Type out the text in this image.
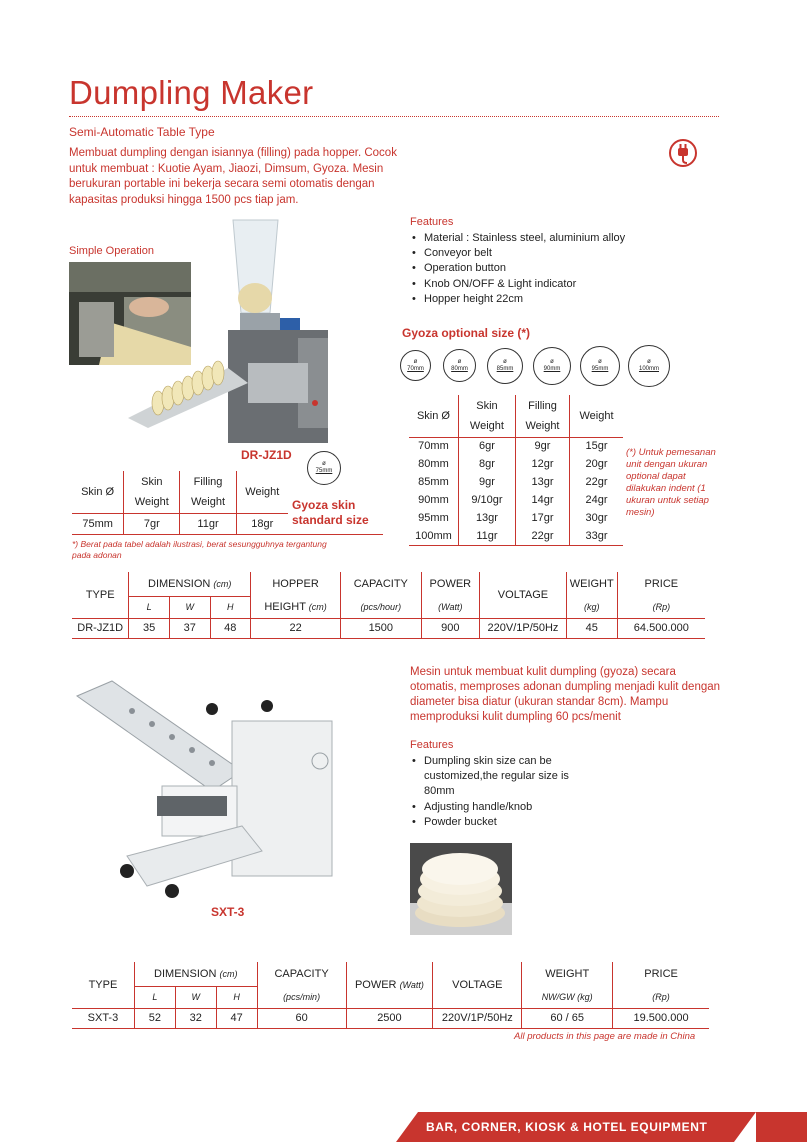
Dumpling Maker
Semi-Automatic Table Type
Membuat dumpling dengan isiannya (filling) pada hopper. Cocok untuk membuat : Kuotie Ayam, Jiaozi, Dimsum, Gyoza. Mesin berukuran portable ini bekerja secara semi otomatis dengan kapasitas produksi hingga 1500 pcs tiap jam.
Simple Operation
DR-JZ1D
Features
• Material : Stainless steel, aluminium alloy
• Conveyor belt
• Operation button
• Knob ON/OFF & Light indicator
• Hopper height 22cm
Gyoza optional size (*)
ø
70mm
ø
80mm
ø
85mm
ø
90mm
ø
95mm
ø
100mm
Skin Ø	Skin Weight	Filling Weight	Weight
70mm	6gr	9gr	15gr
80mm	8gr	12gr	20gr
85mm	9gr	13gr	22gr
90mm	9/10gr	14gr	24gr
95mm	13gr	17gr	30gr
100mm	11gr	22gr	33gr
(*) Untuk pemesanan unit dengan ukuran optional dapat dilakukan indent (1 ukuran untuk setiap mesin)
ø
75mm
Skin Ø	Skin Weight	Filling Weight	Weight
75mm	7gr	11gr	18gr
Gyoza skin standard size
*) Berat pada tabel adalah ilustrasi, berat sesungguhnya tergantung pada adonan
TYPE	DIMENSION (cm)			HOPPER	CAPACITY	POWER	VOLTAGE	WEIGHT	PRICE
	L	W	H	HEIGHT (cm)	(pcs/hour)	(Watt)		(kg)	(Rp)
DR-JZ1D	35	37	48	22	1500	900	220V/1P/50Hz	45	64.500.000
SXT-3
Mesin untuk membuat kulit dumpling (gyoza) secara otomatis, memproses adonan dumpling menjadi kulit dengan diameter bisa diatur (ukuran standar 8cm). Mampu memproduksi kulit dumpling 60 pcs/menit
Features
• Dumpling skin size can be customized,the regular size is 80mm
• Adjusting handle/knob
• Powder bucket
TYPE	DIMENSION (cm)			CAPACITY	POWER (Watt)	VOLTAGE	WEIGHT	PRICE
	L	W	H	(pcs/min)			NW/GW (kg)	(Rp)
SXT-3	52	32	47	60	2500	220V/1P/50Hz	60 / 65	19.500.000
All products in this page are made in China
BAR, CORNER, KIOSK & HOTEL EQUIPMENT
